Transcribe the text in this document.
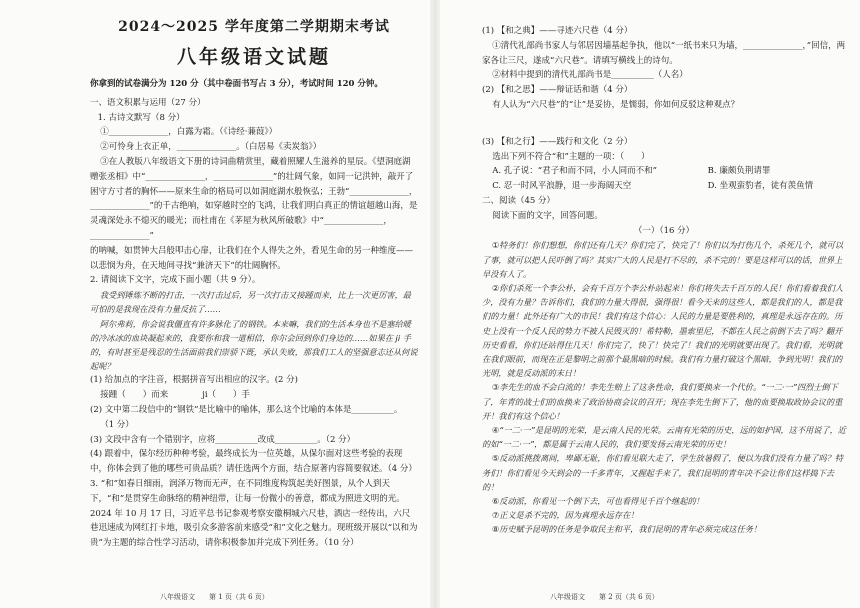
2024～2025 学年度第二学期期末考试
八年级语文试题

你拿到的试卷满分为 120 分（其中卷面书写占 3 分），考试时间 120 分钟。

一、语文积累与运用（27 分）

1. 古诗文默写（8 分）

①______________，白露为霜。（《诗经·蒹葭》）

②可怜身上衣正单，______________。（白居易《卖炭翁》）

③在人教版八年级语文下册的诗词曲精赏里，藏着照耀人生滋养的星辰。《望洞庭湖赠张丞相》中“______________，______________”的壮阔气象，如同一记洪钟，敲开了困守方寸者的胸怀——原来生命的格局可以如洞庭湖水般恢弘；王勃“______________，

______________”的千古绝响，如穿越时空的飞鸿，让我们明白真正的情谊超越山海，是灵魂深处永不熄灭的暖光；而杜甫在《茅屋为秋风所破歌》中“______________，______________”

的呐喊，如贯钟大吕般叩击心扉，让我们在个人得失之外，看见生命的另一种维度——以悲悯为舟，在天地间寻找“兼济天下”的壮阔胸怀。

2. 请阅读下文字，完成下面小题（共 9 分）。

我受到锤炼不断的打击，一次打击过后，另一次打击又接踵而来，比上一次更厉害，最可怕的是我现在没有力量反抗了……

阿尔弗莉，你会说我僵直有许多脉化了的钢铁。本来嘛，我们的生活本身也不是塞给暖的冷冰冰的血块凝起来的，我要你和我一道相信，你尔会回到你们身边的……如果在 ji 手的，有时甚至是残忍的生活面前我们崇骄下既，承认失败，那我们工人的坚强意志还从何说起呢？

(1) 给加点的字注音，根据拼音写出相应的汉字。(2 分)

接踵（　　）而来　　　　ji（　　）手

(2) 文中第二段信中的“钢铁”是比喻中的喻体，那么这个比喻的本体是__________。

（1 分）

(3) 文段中含有一个错别字，应将__________改成__________。（2 分）

(4) 跟着中，保尔经历种种考验，最终成长为一位英雄，从保尔面对这些考验的表现中，你体会到了他的哪些可贵品质？请任选两个方面，结合原著内容简要叙述。（4 分）

3. “和”如春日细雨，润泽万物而无声，在不同维度构筑起美好图景，从个人到天下，“和”是贯穿生命脉络的精神纽带，让每一份微小的善意，都成为照进文明的光。2024 年 10 月 17 日，习近平总书记参观考察安徽桐城六尺巷，酒店一经传出，六尺巷迅速成为网红打卡地，吸引众多游客前来感受“和”文化之魅力。现班级开展以“以和为贵”为主题的综合性学习活动，请你积极参加并完成下列任务。（10 分）

八年级语文　　第 1 页（共 6 页）

(1) 【和之典】——寻迹六尺巷（4 分）

①清代礼部尚书家人与邻居因墙基起争执，他以“一纸书来只为墙，______________，”回信，两家各让三尺，遂成“六尺巷”。请填写横线上的诗句。

②材料中提到的清代礼部尚书是__________（人名）

(2) 【和之思】——辩证话和谐（4 分）

有人认为“六尺巷”的“让”是妥协，是懦弱，你如何反驳这种观点？

(3) 【和之行】——践行和文化（2 分）

选出下列不符合“和”主题的一项：（　　）

A. 孔子说：“君子和而不同，小人同而不和”	B. 廉颇负荆请罪

C. 忍一时风平浪静，退一步海阔天空	D. 坐观蛮豹者，徒有羡鱼情

二、阅读（45 分）

阅读下面的文字，回答问题。

（一）（16 分）

①特务们！你们想想，你们还有几天？你们完了，快完了！你们以为打伤几个，杀死几个，就可以了事，就可以把人民吓倒了吗？其实广大的人民是打不尽的，杀不完的！要是这样可以的话，世界上早没有人了。

②你们杀死一个李公朴，会有千百万个李公朴站起来！你们将失去千百万的人民！你们看着我们人少，没有力量？告诉你们，我们的力量大得很，强得很！看今天来的这些人，都是我们的人，都是我们的力量！此外还有广大的市民！我们有这个信心：人民的力量是要胜利的，真理是永远存在的。历史上没有一个反人民的势力不被人民毁灭的！希特勒，墨索里尼，不都在人民之前倒下去了吗？翻开历史看看，你们还站得住几天！你们完了，快了！快完了！我们的光明就要出现了。我们看，光明就在我们眼前，而现在正是黎明之前那个最黑暗的时候。我们有力量打破这个黑暗，争到光明！我们的光明，就是反动派的末日！

③李先生的血不会白流的！李先生赔上了这条性命，我们要换来一个代价。“一二·一”四烈士倒下了，年青的战士们的血换来了政治协商会议的召开；现在李先生倒下了，他的血要换取政协会议的重开！我们有这个信心！

④“一二·一”是昆明的光荣，是云南人民的光荣。云南有光荣的历史，远的如护国，这不用说了，近的如“一二·一”，都是属于云南人民的，我们要发扬云南光荣的历史！

⑤反动派挑拨离间，卑鄙无耻，你们看见联大走了，学生放暑假了，便以为我们没有力量了吗？特务们！你们看见今天到会的一千多青年，又握起手来了，我们昆明的青年决不会让你们这样捣下去的！

⑥反动派，你看见一个倒下去，可也看得见千百个继起的！

⑦正义是杀不完的，因为真理永远存在！

⑧历史赋予昆明的任务是争取民主和平，我们昆明的青年必须完成这任务！

八年级语文　　第 2 页（共 6 页）
